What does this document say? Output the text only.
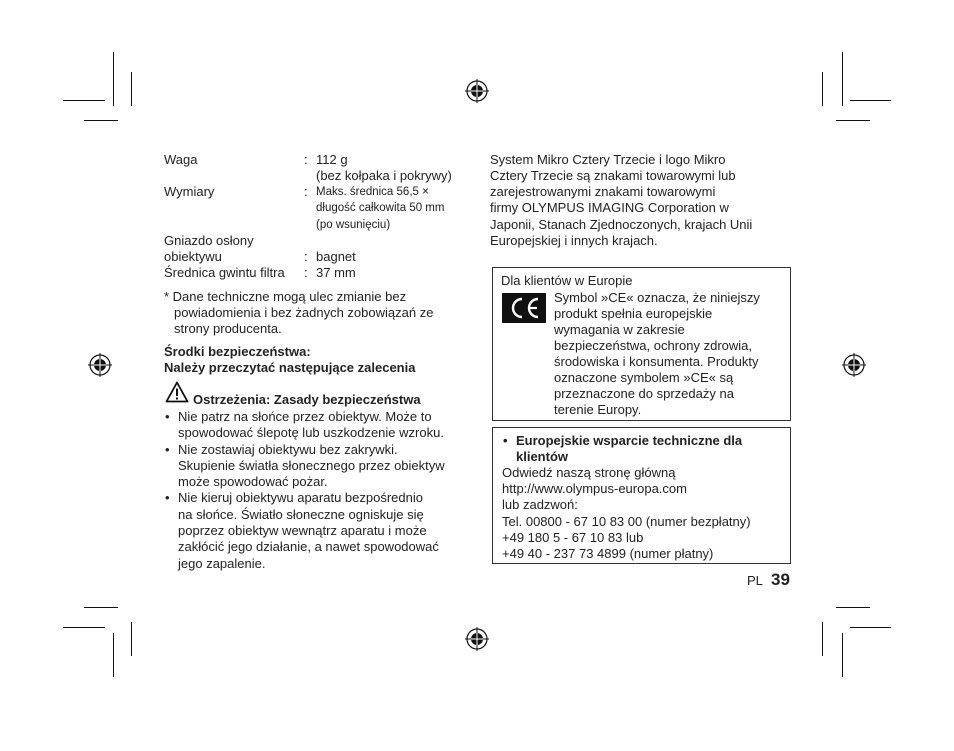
Waga	: 112 g
(bez kołpaka i pokrywy)
Wymiary	: Maks. średnica 56,5 ×
długość całkowita 50 mm
(po wsunięciu)
Gniazdo osłony
obiektywu	: bagnet
Średnica gwintu filtra : 37 mm
* Dane techniczne mogą ulec zmianie bez
powiadomienia i bez żadnych zobowiązań ze
strony producenta.
Środki bezpieczeństwa:
Należy przeczytać następujące zalecenia
Ostrzeżenia: Zasady bezpieczeństwa
• Nie patrz na słońce przez obiektyw. Może to
spowodować ślepotę lub uszkodzenie wzroku.
• Nie zostawiaj obiektywu bez zakrywki.
Skupienie światła słonecznego przez obiektyw
może spowodować pożar.
• Nie kieruj obiektywu aparatu bezpośrednio
na słońce. Światło słoneczne ogniskuje się
poprzez obiektyw wewnątrz aparatu i może
zakłócić jego działanie, a nawet spowodować
jego zapalenie.
System Mikro Cztery Trzecie i logo Mikro
Cztery Trzecie są znakami towarowymi lub
zarejestrowanymi znakami towarowymi
firmy OLYMPUS IMAGING Corporation w
Japonii, Stanach Zjednoczonych, krajach Unii
Europejskiej i innych krajach.
Dla klientów w Europie
Symbol »CE« oznacza, że niniejszy
produkt spełnia europejskie
wymagania w zakresie
bezpieczeństwa, ochrony zdrowia,
środowiska i konsumenta. Produkty
oznaczone symbolem »CE« są
przeznaczone do sprzedaży na
terenie Europy.
• Europejskie wsparcie techniczne dla
klientów
Odwiedź naszą stronę główną
http://www.olympus-europa.com
lub zadzwoń:
Tel. 00800 - 67 10 83 00 (numer bezpłatny)
+49 180 5 - 67 10 83 lub
+49 40 - 237 73 4899 (numer płatny)
PL 39
